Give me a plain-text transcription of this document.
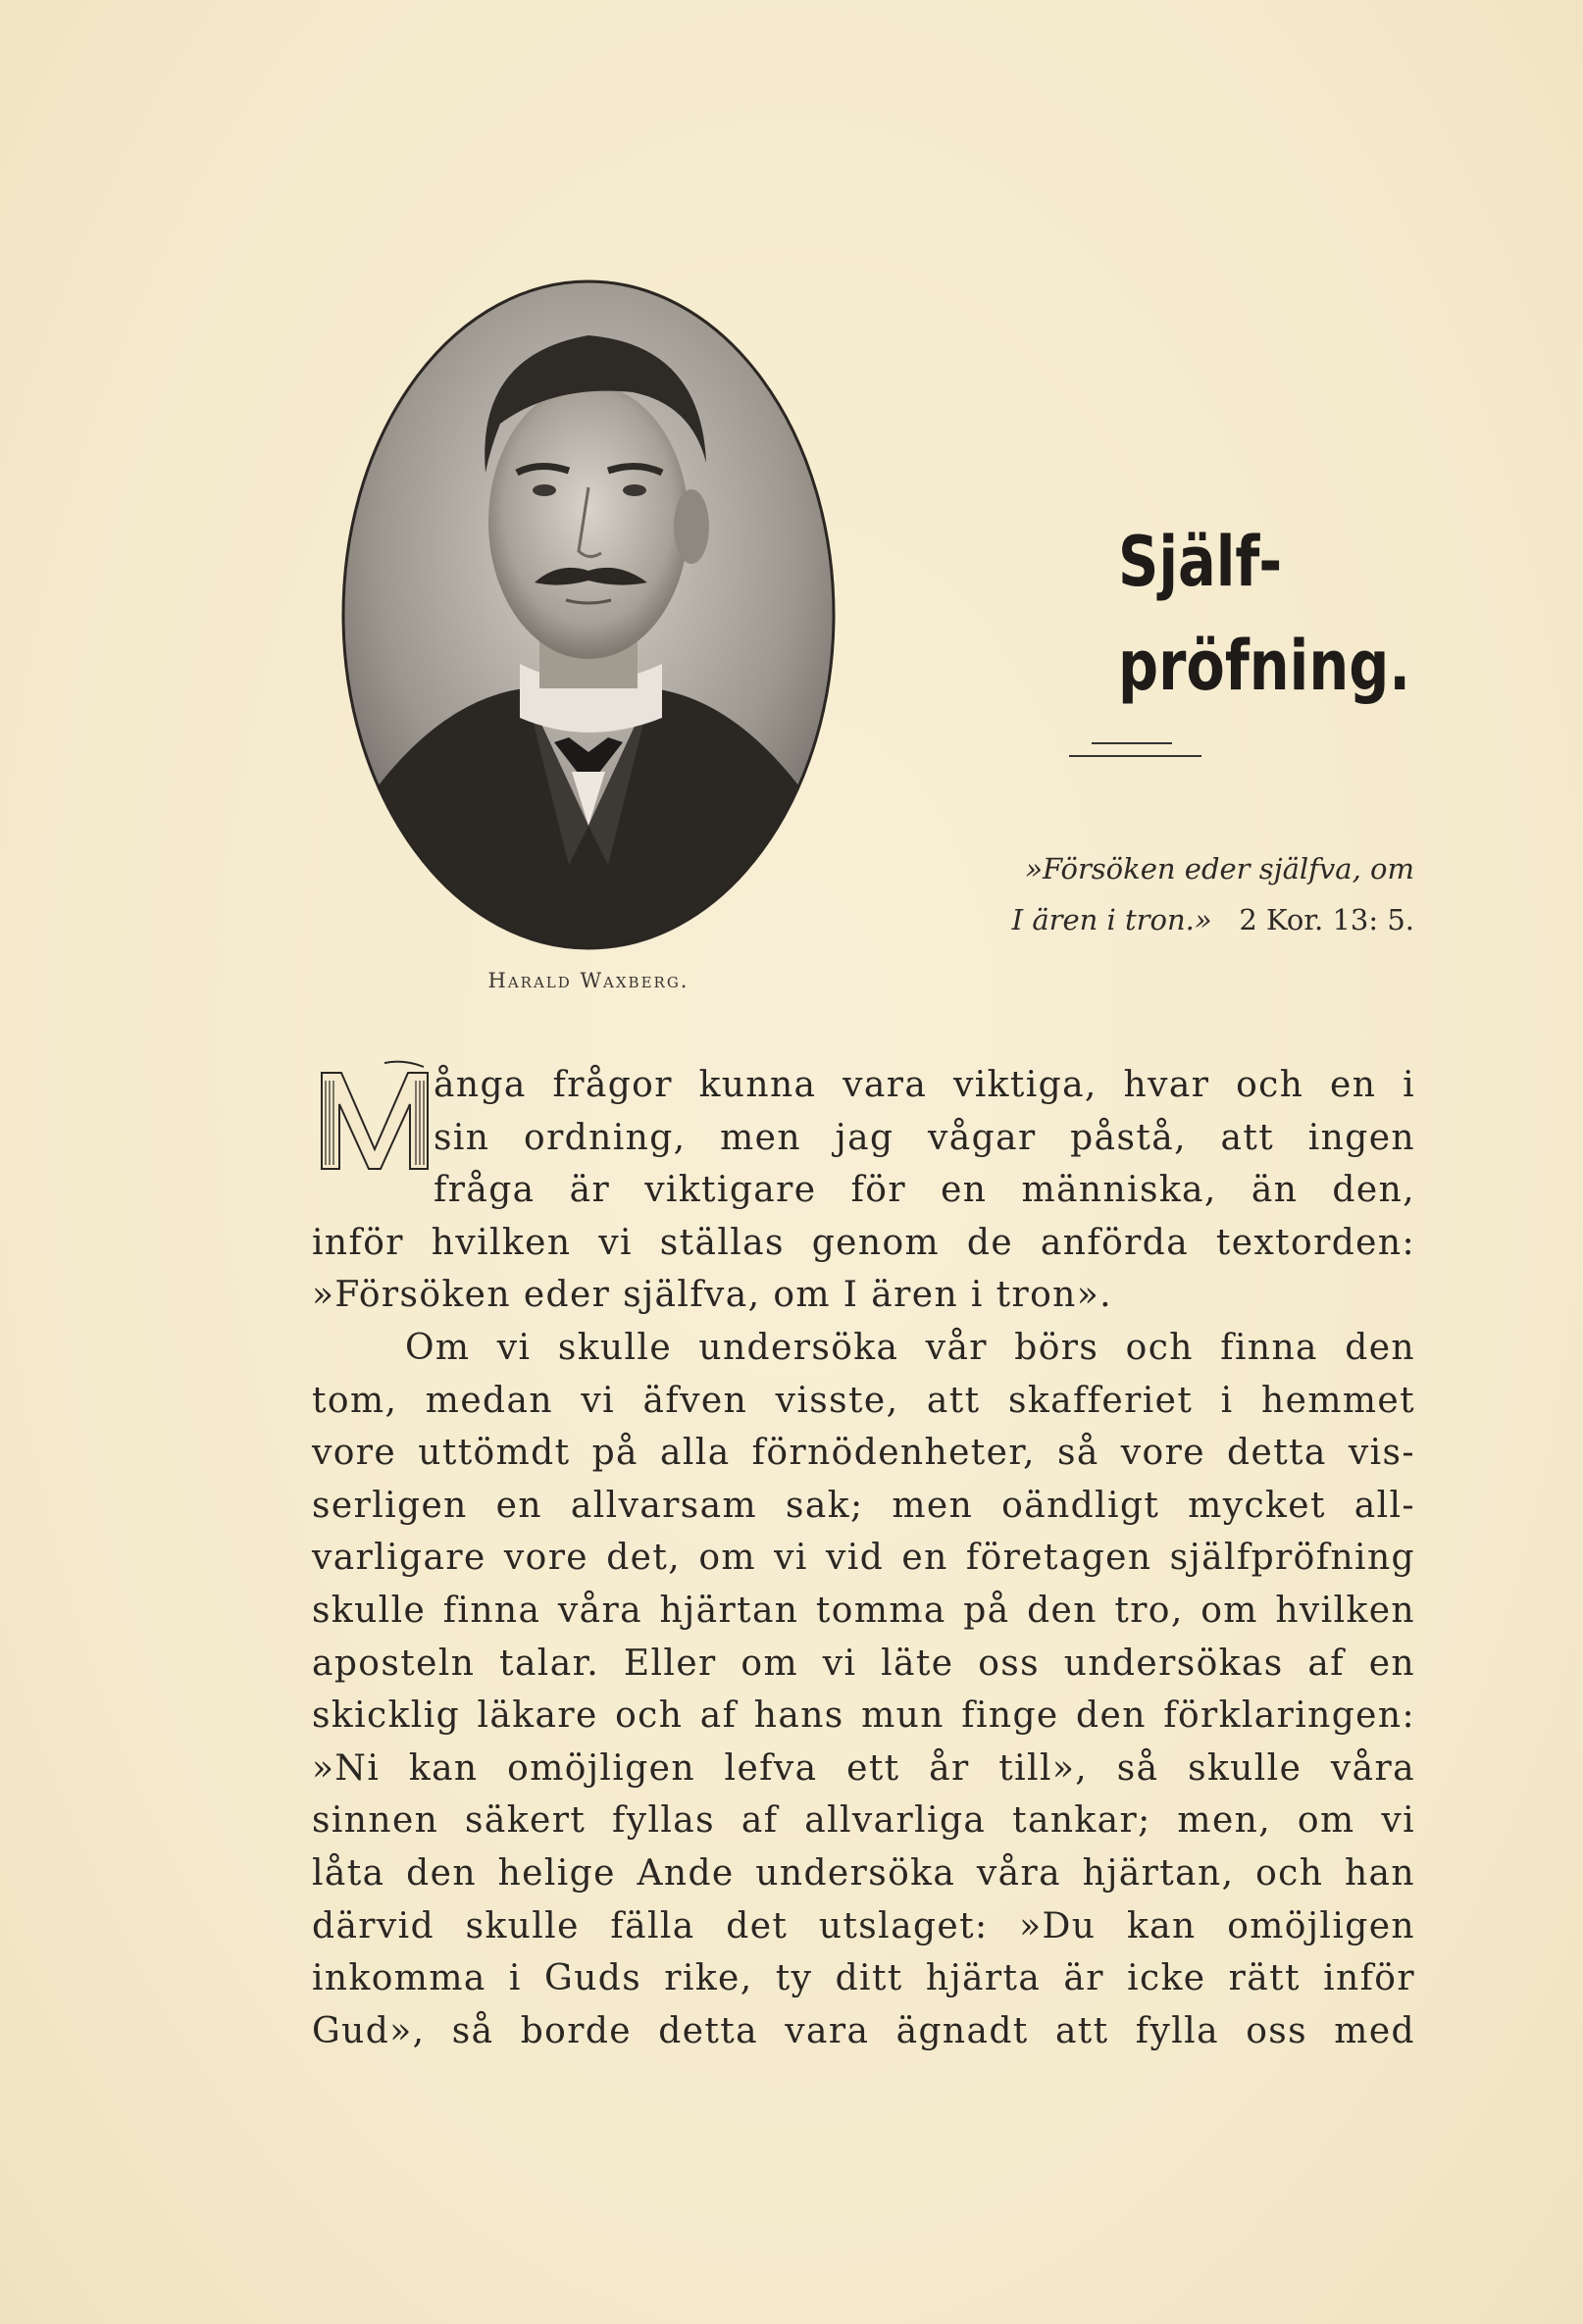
Harald Waxberg.
Själf-
pröfning.
»Försöken eder själfva, om
I ären i tron.» 2 Kor. 13: 5.
M
ånga frågor kunna vara viktiga, hvar och en i
sin ordning, men jag vågar påstå, att ingen
fråga är viktigare för en människa, än den,
inför hvilken vi ställas genom de anförda textorden:
»Försöken eder själfva, om I ären i tron».
Om vi skulle undersöka vår börs och finna den
tom, medan vi äfven visste, att skafferiet i hemmet
vore uttömdt på alla förnödenheter, så vore detta vis-
serligen en allvarsam sak; men oändligt mycket all-
varligare vore det, om vi vid en företagen själfpröfning
skulle finna våra hjärtan tomma på den tro, om hvilken
aposteln talar. Eller om vi läte oss undersökas af en
skicklig läkare och af hans mun finge den förklaringen:
»Ni kan omöjligen lefva ett år till», så skulle våra
sinnen säkert fyllas af allvarliga tankar; men, om vi
låta den helige Ande undersöka våra hjärtan, och han
därvid skulle fälla det utslaget: »Du kan omöjligen
inkomma i Guds rike, ty ditt hjärta är icke rätt inför
Gud», så borde detta vara ägnadt att fylla oss med
